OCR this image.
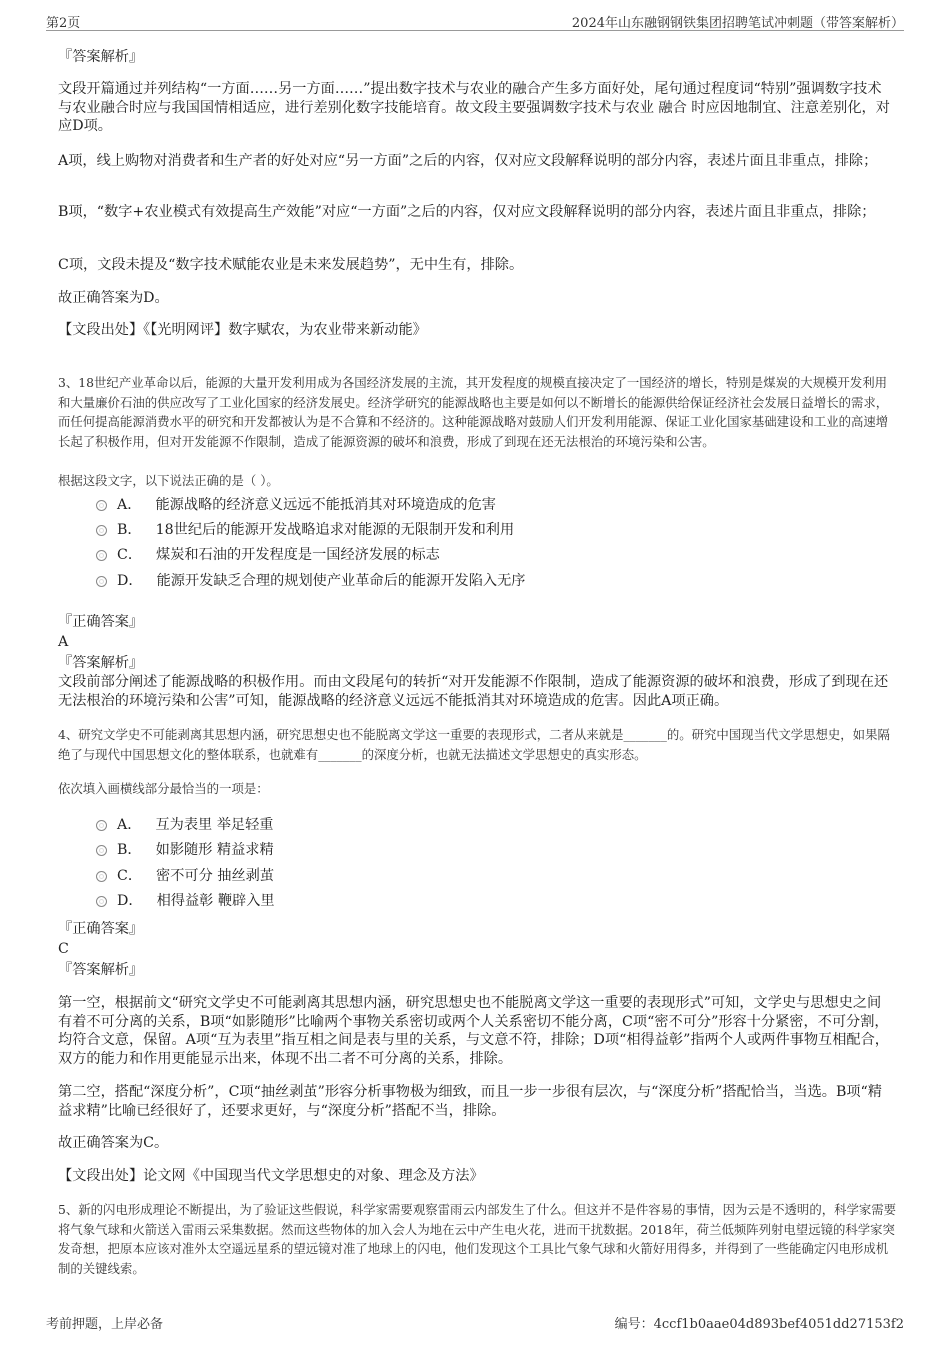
第2页	2024年山东融钢钢铁集团招聘笔试冲刺题（带答案解析）
『答案解析』
文段开篇通过并列结构“一方面……另一方面……”提出数字技术与农业的融合产生多方面好处，尾句通过程度词“特别”强调数字技术与农业融合时应与我国国情相适应，进行差别化数字技能培育。故文段主要强调数字技术与农业 融合 时应因地制宜、注意差别化，对应D项。
A项，线上购物对消费者和生产者的好处对应“另一方面”之后的内容，仅对应文段解释说明的部分内容，表述片面且非重点，排除；
B项，“数字+农业模式有效提高生产效能”对应“一方面”之后的内容，仅对应文段解释说明的部分内容，表述片面且非重点，排除；
C项，文段未提及“数字技术赋能农业是未来发展趋势”，无中生有，排除。
故正确答案为D。
【文段出处】《【光明网评】数字赋农，为农业带来新动能》
3、18世纪产业革命以后，能源的大量开发利用成为各国经济发展的主流，其开发程度的规模直接决定了一国经济的增长，特别是煤炭的大规模开发利用和大量廉价石油的供应改写了工业化国家的经济发展史。经济学研究的能源战略也主要是如何以不断增长的能源供给保证经济社会发展日益增长的需求，而任何提高能源消费水平的研究和开发都被认为是不合算和不经济的。这种能源战略对鼓励人们开发利用能源、保证工业化国家基础建设和工业的高速增长起了积极作用，但对开发能源不作限制，造成了能源资源的破坏和浪费，形成了到现在还无法根治的环境污染和公害。
根据这段文字，以下说法正确的是（ ）。
A． 能源战略的经济意义远远不能抵消其对环境造成的危害
B． 18世纪后的能源开发战略追求对能源的无限制开发和利用
C． 煤炭和石油的开发程度是一国经济发展的标志
D． 能源开发缺乏合理的规划使产业革命后的能源开发陷入无序
『正确答案』
A
『答案解析』
文段前部分阐述了能源战略的积极作用。而由文段尾句的转折“对开发能源不作限制，造成了能源资源的破坏和浪费，形成了到现在还无法根治的环境污染和公害”可知，能源战略的经济意义远远不能抵消其对环境造成的危害。因此A项正确。
4、研究文学史不可能剥离其思想内涵，研究思想史也不能脱离文学这一重要的表现形式，二者从来就是_______的。研究中国现当代文学思想史，如果隔绝了与现代中国思想文化的整体联系，也就难有_______的深度分析，也就无法描述文学思想史的真实形态。
依次填入画横线部分最恰当的一项是：
A． 互为表里 举足轻重
B． 如影随形 精益求精
C． 密不可分 抽丝剥茧
D． 相得益彰 鞭辟入里
『正确答案』
C
『答案解析』
第一空，根据前文“研究文学史不可能剥离其思想内涵，研究思想史也不能脱离文学这一重要的表现形式”可知，文学史与思想史之间有着不可分离的关系，B项“如影随形”比喻两个事物关系密切或两个人关系密切不能分离，C项“密不可分”形容十分紧密，不可分割，均符合文意，保留。A项“互为表里”指互相之间是表与里的关系，与文意不符，排除；D项“相得益彰”指两个人或两件事物互相配合，双方的能力和作用更能显示出来，体现不出二者不可分离的关系，排除。
第二空，搭配“深度分析”，C项“抽丝剥茧”形容分析事物极为细致，而且一步一步很有层次，与“深度分析”搭配恰当，当选。B项“精益求精”比喻已经很好了，还要求更好，与“深度分析”搭配不当，排除。
故正确答案为C。
【文段出处】论文网《中国现当代文学思想史的对象、理念及方法》
5、新的闪电形成理论不断提出，为了验证这些假说，科学家需要观察雷雨云内部发生了什么。但这并不是件容易的事情，因为云是不透明的，科学家需要将气象气球和火箭送入雷雨云采集数据。然而这些物体的加入会人为地在云中产生电火花，进而干扰数据。2018年，荷兰低频阵列射电望远镜的科学家突发奇想，把原本应该对准外太空遥远星系的望远镜对准了地球上的闪电，他们发现这个工具比气象气球和火箭好用得多，并得到了一些能确定闪电形成机制的关键线索。
考前押题，上岸必备	编号：4ccf1b0aae04d893bef4051dd27153f2
